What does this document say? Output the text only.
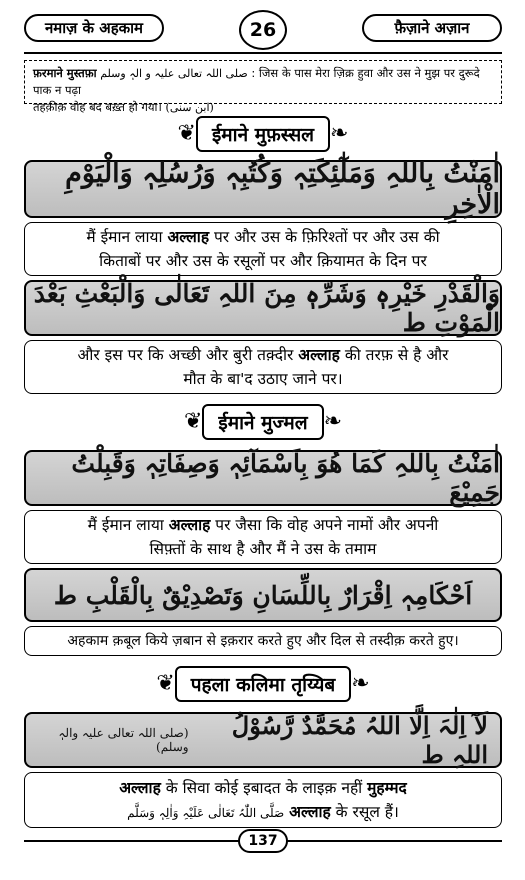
नमाज़ के अहकाम	26	फ़ैज़ाने अज़ान
फ़रमाने मुस्तफ़ा صلی اللہ تعالی علیہ و الہٖ وسلم : जिस के पास मेरा ज़िक्र हुवा और उस ने मुझ पर दुरूदे पाक न पढ़ा
तहक़ीक़ वोह बद बख़्त हो गया। (ابن سنی)
❦ ईमाने मुफ़स्सल ❧
اٰمَنْتُ بِاللہِ وَمَلٰٓئِکَتِہٖ وَکُتُبِہٖ وَرُسُلِہٖ وَالْیَوْمِ الْاٰخِرِ
मैं ईमान लाया अल्लाह पर और उस के फ़िरिश्तों पर और उस की
किताबों पर और उस के रसूलों पर और क़ियामत के दिन पर
وَالْقَدْرِ خَیْرِہٖ وَشَرِّہٖ مِنَ اللہِ تَعَالٰی وَالْبَعْثِ بَعْدَ الْمَوْتِ ط
और इस पर कि अच्छी और बुरी तक़्दीर अल्लाह की तरफ़ से है और
मौत के बा'द उठाए जाने पर।
❦ ईमाने मुज्मल ❧
اٰمَنْتُ بِاللہِ کَمَا ھُوَ بِاَسْمَآئِہٖ وَصِفَاتِہٖ وَقَبِلْتُ جَمِیْعَ
मैं ईमान लाया अल्लाह पर जैसा कि वोह अपने नामों और अपनी
सिफ़्तों के साथ है और मैं ने उस के तमाम
اَحْکَامِہٖ اِقْرَارٌ بِاللِّسَانِ وَتَصْدِیْقٌ بِالْقَلْبِ ط
अहकाम क़बूल किये ज़बान से इक़रार करते हुए और दिल से तस्दीक़ करते हुए।
❦ पहला कलिमा तृय्यिब ❧
لَآ اِلٰہَ اِلَّا اللہُ مُحَمَّدٌ رَّسُوْلُ اللہِ ط
(صلی اللہ تعالی علیہ والہٖ وسلم)
अल्लाह के सिवा कोई इबादत के लाइक़ नहीं मुहम्मद
صَلَّی اللّٰہُ تَعَالٰی عَلَیْہِ وَاٰلِہٖ وَسَلَّم अल्लाह के रसूल हैं।
137
